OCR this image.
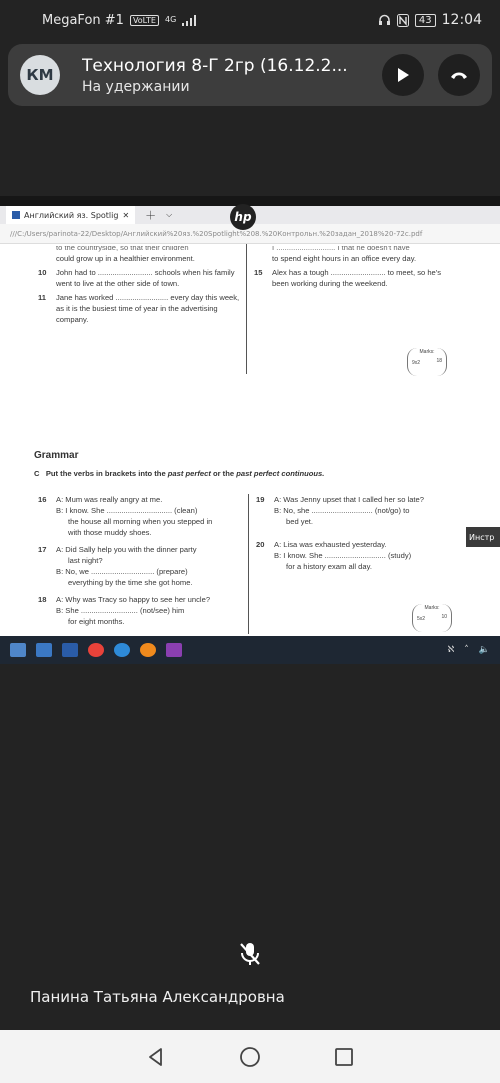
MegaFon #1	VoLTE	4G	43 12:04
КМ	Технология 8-Г 2гр (16.12.2...
На удержании
Английский яз. Spotlig ✕ ＋ ⌵
///C:/Users/parinota-22/Desktop/Английский%20яз.%20Spotlight%208.%20Контрольн.%20задан_2018%20-72с.pdf
to the countryside, so that their children
could grow up in a healthier environment.
10 John had to .......................... schools when his family went to live at the other side of town.
11 Jane has worked ......................... every day this week, as it is the busiest time of year in the advertising company.
I ............................ I that he doesn't have
to spend eight hours in an office every day.
15 Alex has a tough .......................... to meet, so he's been working during the weekend.
Marks:
18
9x2
Grammar
C Put the verbs in brackets into the past perfect or the past perfect continuous.
16 A: Mum was really angry at me.
B: I know. She ............................... (clean)
the house all morning when you stepped in
with those muddy shoes.
17 A: Did Sally help you with the dinner party
last night?
B: No, we .............................. (prepare)
everything by the time she got home.
18 A: Why was Tracy so happy to see her uncle?
B: She ........................... (not/see) him
for eight months.
19 A: Was Jenny upset that I called her so late?
B: No, she ............................. (not/go) to
bed yet.
20 A: Lisa was exhausted yesterday.
B: I know. She ............................. (study)
for a history exam all day.
Marks:
10
5x2
hp
Инстр
ℵ ˄ 🔈
Панина Татьяна Александровна
